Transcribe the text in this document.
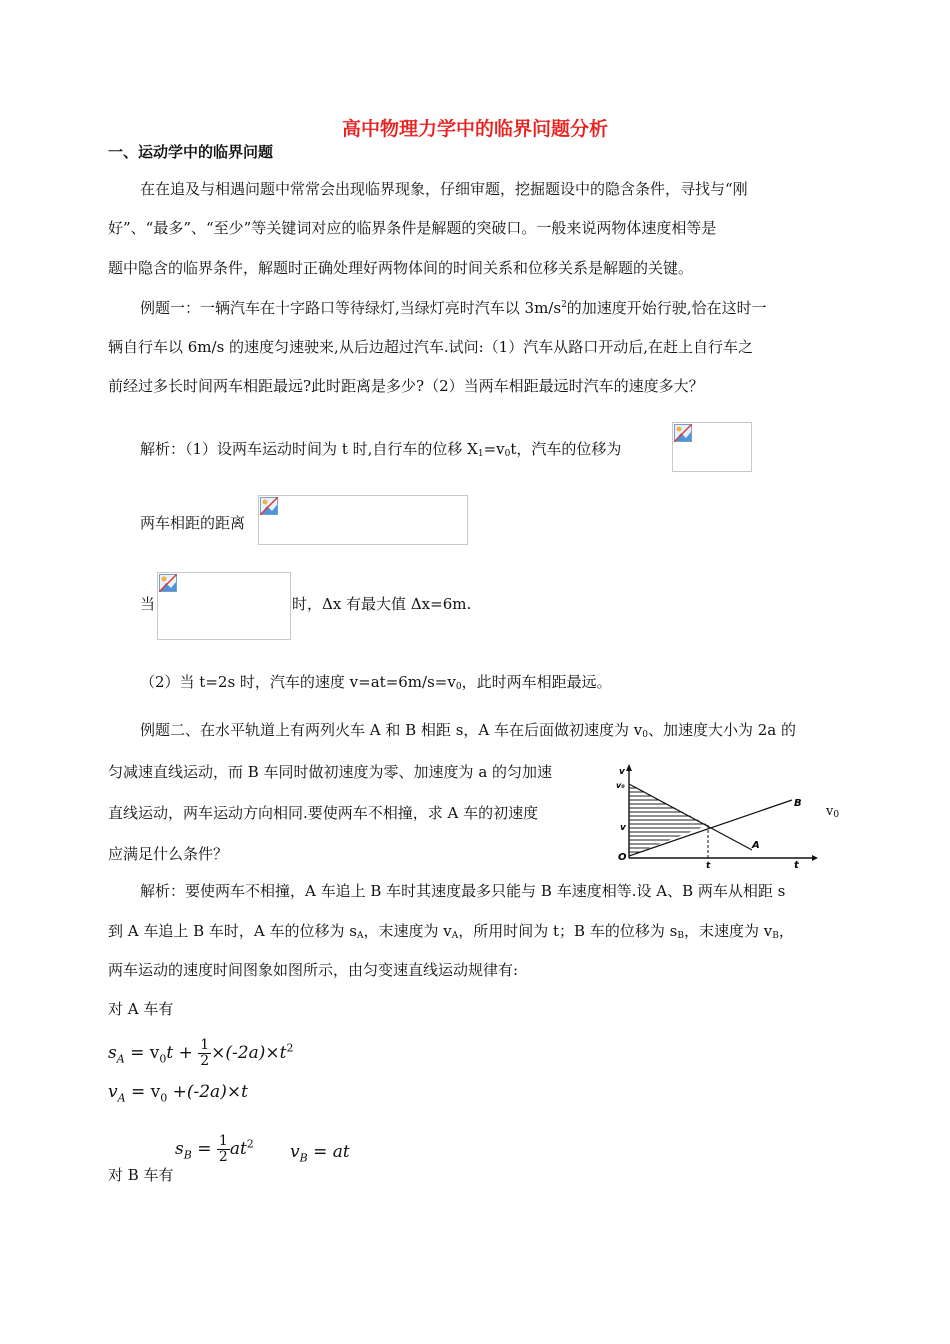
高中物理力学中的临界问题分析
一、运动学中的临界问题
在在追及与相遇问题中常常会出现临界现象，仔细审题，挖掘题设中的隐含条件，寻找与“刚
好”、“最多”、“至少”等关键词对应的临界条件是解题的突破口。一般来说两物体速度相等是
题中隐含的临界条件，解题时正确处理好两物体间的时间关系和位移关系是解题的关键。
例题一：一辆汽车在十字路口等待绿灯,当绿灯亮时汽车以 $3m/s^2$的加速度开始行驶,恰在这时一
辆自行车以 6m/s 的速度匀速驶来,从后边超过汽车.试问:（1）汽车从路口开动后,在赶上自行车之
前经过多长时间两车相距最远?此时距离是多少?（2）当两车相距最远时汽车的速度多大？
解析：（1）设两车运动时间为 t 时,自行车的位移 $X_1=v_0t$，汽车的位移为
两车相距的距离
当	时，Δx 有最大值 Δx=6m.
（2）当 t=2s 时，汽车的速度 $v=at=6m/s=v_0$，此时两车相距最远。
例题二、在水平轨道上有两列火车 A 和 B 相距 s，A 车在后面做初速度为 $v_0$、加速度大小为 2a 的
匀减速直线运动，而 B 车同时做初速度为零、加速度为 a 的匀加速
直线运动，两车运动方向相同.要使两车不相撞，求 A 车的初速度	$v_0$
应满足什么条件？
v
v₀
v
O
t	t
B
A
解析：要使两车不相撞，A 车追上 B 车时其速度最多只能与 B 车速度相等.设 A、B 两车从相距 s
到 A 车追上 B 车时，A 车的位移为 $s_A$，末速度为 $v_A$，所用时间为 t；B 车的位移为 $s_B$，末速度为 $v_B$，
两车运动的速度时间图象如图所示，由匀变速直线运动规律有:
对 A 车有
$s_A = v_0t + \frac{1}{2} \times(-2a)\times t^2$
$v_A = v_0 +(-2a)\times t$
对 B 车有
$s_B = \frac{1}{2} at^2$ $v_B$ = at
